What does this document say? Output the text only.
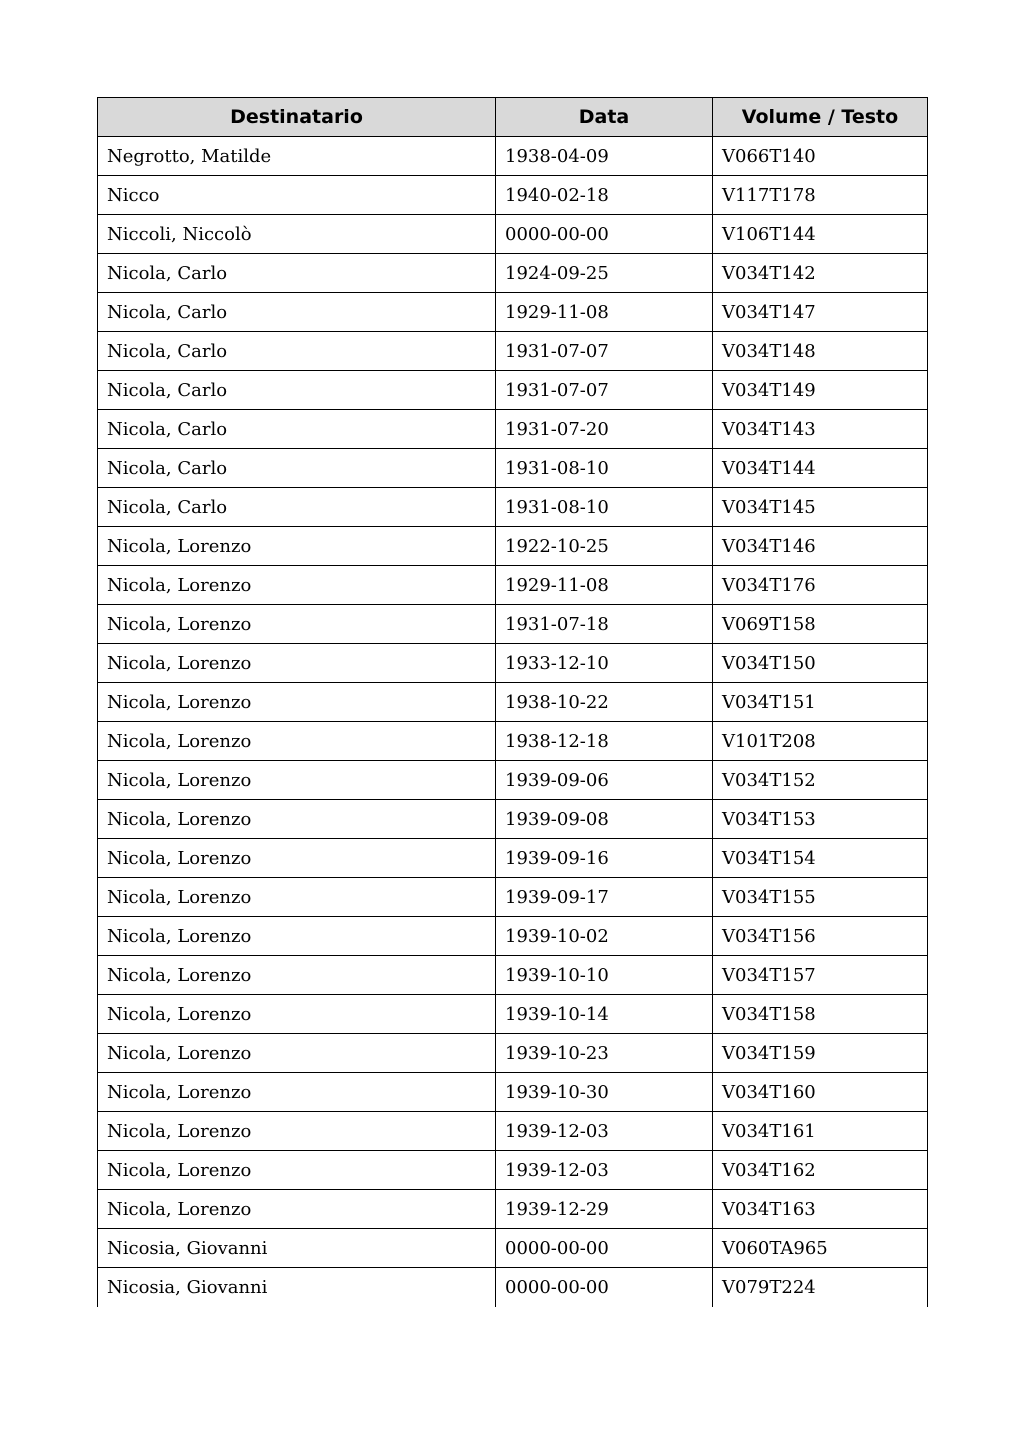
Destinatario	Data	Volume / Testo
Negrotto, Matilde	1938-04-09	V066T140
Nicco	1940-02-18	V117T178
Niccoli, Niccolò	0000-00-00	V106T144
Nicola, Carlo	1924-09-25	V034T142
Nicola, Carlo	1929-11-08	V034T147
Nicola, Carlo	1931-07-07	V034T148
Nicola, Carlo	1931-07-07	V034T149
Nicola, Carlo	1931-07-20	V034T143
Nicola, Carlo	1931-08-10	V034T144
Nicola, Carlo	1931-08-10	V034T145
Nicola, Lorenzo	1922-10-25	V034T146
Nicola, Lorenzo	1929-11-08	V034T176
Nicola, Lorenzo	1931-07-18	V069T158
Nicola, Lorenzo	1933-12-10	V034T150
Nicola, Lorenzo	1938-10-22	V034T151
Nicola, Lorenzo	1938-12-18	V101T208
Nicola, Lorenzo	1939-09-06	V034T152
Nicola, Lorenzo	1939-09-08	V034T153
Nicola, Lorenzo	1939-09-16	V034T154
Nicola, Lorenzo	1939-09-17	V034T155
Nicola, Lorenzo	1939-10-02	V034T156
Nicola, Lorenzo	1939-10-10	V034T157
Nicola, Lorenzo	1939-10-14	V034T158
Nicola, Lorenzo	1939-10-23	V034T159
Nicola, Lorenzo	1939-10-30	V034T160
Nicola, Lorenzo	1939-12-03	V034T161
Nicola, Lorenzo	1939-12-03	V034T162
Nicola, Lorenzo	1939-12-29	V034T163
Nicosia, Giovanni	0000-00-00	V060TA965
Nicosia, Giovanni	0000-00-00	V079T224
